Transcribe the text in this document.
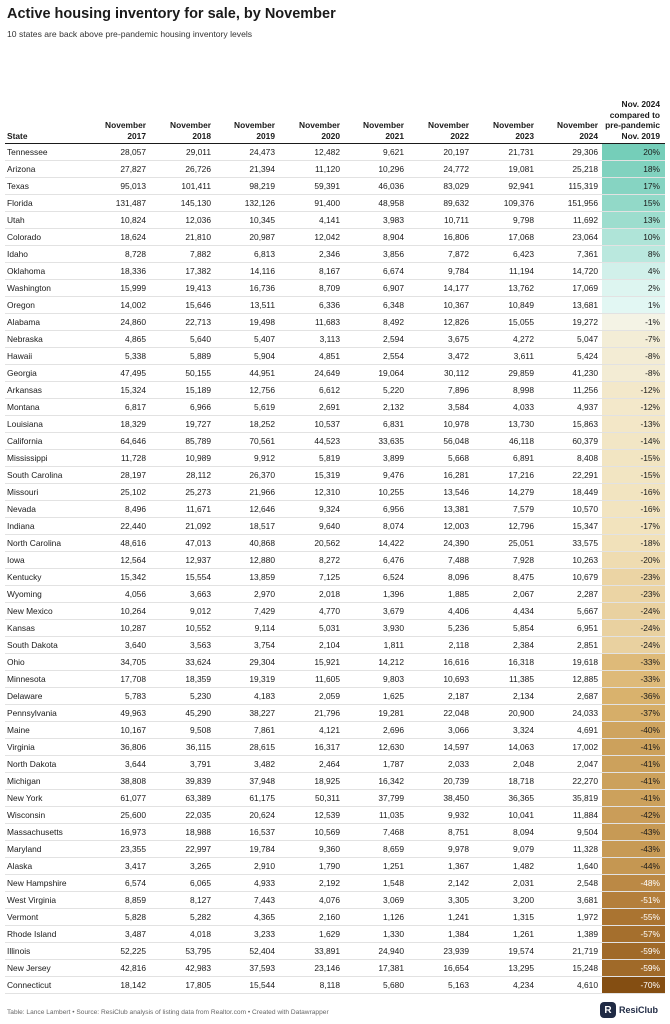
Active housing inventory for sale, by November
10 states are back above pre-pandemic housing inventory levels
State	November 2017	November 2018	November 2019	November 2020	November 2021	November 2022	November 2023	November 2024	Nov. 2024 compared to pre-pandemic Nov. 2019
Tennessee	28,057	29,011	24,473	12,482	9,621	20,197	21,731	29,306	20%
Arizona	27,827	26,726	21,394	11,120	10,296	24,772	19,081	25,218	18%
Texas	95,013	101,411	98,219	59,391	46,036	83,029	92,941	115,319	17%
Florida	131,487	145,130	132,126	91,400	48,958	89,632	109,376	151,956	15%
Utah	10,824	12,036	10,345	4,141	3,983	10,711	9,798	11,692	13%
Colorado	18,624	21,810	20,987	12,042	8,904	16,806	17,068	23,064	10%
Idaho	8,728	7,882	6,813	2,346	3,856	7,872	6,423	7,361	8%
Oklahoma	18,336	17,382	14,116	8,167	6,674	9,784	11,194	14,720	4%
Washington	15,999	19,413	16,736	8,709	6,907	14,177	13,762	17,069	2%
Oregon	14,002	15,646	13,511	6,336	6,348	10,367	10,849	13,681	1%
Alabama	24,860	22,713	19,498	11,683	8,492	12,826	15,055	19,272	-1%
Nebraska	4,865	5,640	5,407	3,113	2,594	3,675	4,272	5,047	-7%
Hawaii	5,338	5,889	5,904	4,851	2,554	3,472	3,611	5,424	-8%
Georgia	47,495	50,155	44,951	24,649	19,064	30,112	29,859	41,230	-8%
Arkansas	15,324	15,189	12,756	6,612	5,220	7,896	8,998	11,256	-12%
Montana	6,817	6,966	5,619	2,691	2,132	3,584	4,033	4,937	-12%
Louisiana	18,329	19,727	18,252	10,537	6,831	10,978	13,730	15,863	-13%
California	64,646	85,789	70,561	44,523	33,635	56,048	46,118	60,379	-14%
Mississippi	11,728	10,989	9,912	5,819	3,899	5,668	6,891	8,408	-15%
South Carolina	28,197	28,112	26,370	15,319	9,476	16,281	17,216	22,291	-15%
Missouri	25,102	25,273	21,966	12,310	10,255	13,546	14,279	18,449	-16%
Nevada	8,496	11,671	12,646	9,324	6,956	13,381	7,579	10,570	-16%
Indiana	22,440	21,092	18,517	9,640	8,074	12,003	12,796	15,347	-17%
North Carolina	48,616	47,013	40,868	20,562	14,422	24,390	25,051	33,575	-18%
Iowa	12,564	12,937	12,880	8,272	6,476	7,488	7,928	10,263	-20%
Kentucky	15,342	15,554	13,859	7,125	6,524	8,096	8,475	10,679	-23%
Wyoming	4,056	3,663	2,970	2,018	1,396	1,885	2,067	2,287	-23%
New Mexico	10,264	9,012	7,429	4,770	3,679	4,406	4,434	5,667	-24%
Kansas	10,287	10,552	9,114	5,031	3,930	5,236	5,854	6,951	-24%
South Dakota	3,640	3,563	3,754	2,104	1,811	2,118	2,384	2,851	-24%
Ohio	34,705	33,624	29,304	15,921	14,212	16,616	16,318	19,618	-33%
Minnesota	17,708	18,359	19,319	11,605	9,803	10,693	11,385	12,885	-33%
Delaware	5,783	5,230	4,183	2,059	1,625	2,187	2,134	2,687	-36%
Pennsylvania	49,963	45,290	38,227	21,796	19,281	22,048	20,900	24,033	-37%
Maine	10,167	9,508	7,861	4,121	2,696	3,066	3,324	4,691	-40%
Virginia	36,806	36,115	28,615	16,317	12,630	14,597	14,063	17,002	-41%
North Dakota	3,644	3,791	3,482	2,464	1,787	2,033	2,048	2,047	-41%
Michigan	38,808	39,839	37,948	18,925	16,342	20,739	18,718	22,270	-41%
New York	61,077	63,389	61,175	50,311	37,799	38,450	36,365	35,819	-41%
Wisconsin	25,600	22,035	20,624	12,539	11,035	9,932	10,041	11,884	-42%
Massachusetts	16,973	18,988	16,537	10,569	7,468	8,751	8,094	9,504	-43%
Maryland	23,355	22,997	19,784	9,360	8,659	9,978	9,079	11,328	-43%
Alaska	3,417	3,265	2,910	1,790	1,251	1,367	1,482	1,640	-44%
New Hampshire	6,574	6,065	4,933	2,192	1,548	2,142	2,031	2,548	-48%
West Virginia	8,859	8,127	7,443	4,076	3,069	3,305	3,200	3,681	-51%
Vermont	5,828	5,282	4,365	2,160	1,126	1,241	1,315	1,972	-55%
Rhode Island	3,487	4,018	3,233	1,629	1,330	1,384	1,261	1,389	-57%
Illinois	52,225	53,795	52,404	33,891	24,940	23,939	19,574	21,719	-59%
New Jersey	42,816	42,983	37,593	23,146	17,381	16,654	13,295	15,248	-59%
Connecticut	18,142	17,805	15,544	8,118	5,680	5,163	4,234	4,610	-70%
Table: Lance Lambert • Source: ResiClub analysis of listing data from Realtor.com • Created with Datawrapper	R ResiClub
